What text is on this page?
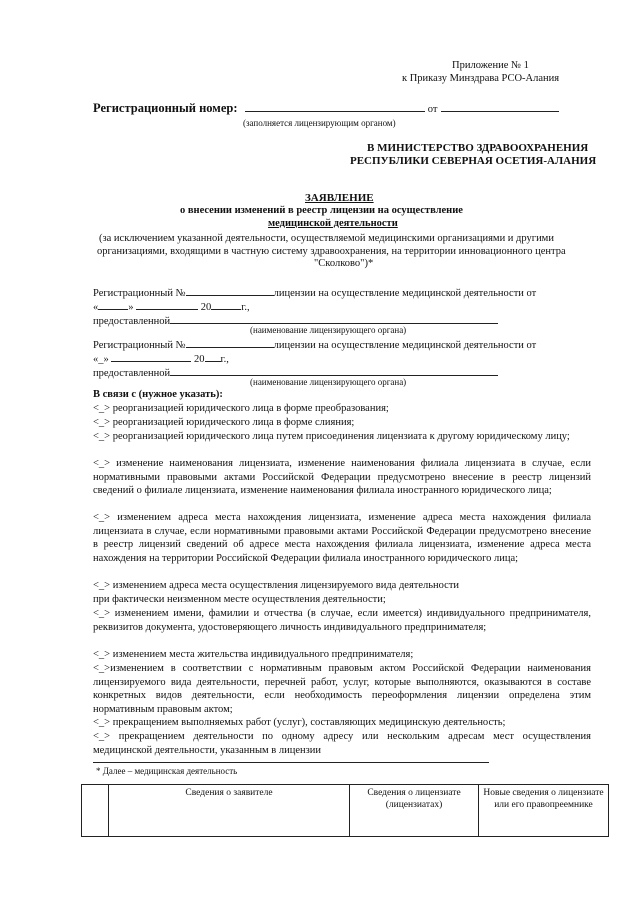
Приложение № 1
к Приказу Минздрава РСО-Алания
Регистрационный номер:	от
(заполняется лицензирующим органом)
В МИНИСТЕРСТВО ЗДРАВООХРАНЕНИЯ
РЕСПУБЛИКИ СЕВЕРНАЯ ОСЕТИЯ-АЛАНИЯ
ЗАЯВЛЕНИЕ
о внесении изменений в реестр лицензии на осуществление
медицинской деятельности
(за исключением указанной деятельности, осуществляемой медицинскими организациями и другими
организациями, входящими в частную систему здравоохранения, на территории инновационного центра
"Сколково")*
Регистрационный №	лицензии на осуществление медицинской деятельности от
«	»	20	г.,
предоставленной
(наименование лицензирующего органа)
Регистрационный №	лицензии на осуществление медицинской деятельности от
«_»	20 г.,
предоставленной
(наименование лицензирующего органа)
В связи с (нужное указать):
<_> реорганизацией юридического лица в форме преобразования;
<_> реорганизацией юридического лица в форме слияния;
<_> реорганизацией юридического лица путем присоединения лицензиата к другому юридическому лицу;
<_> изменение наименования лицензиата, изменение наименования филиала лицензиата в случае, если нормативными правовыми актами Российской Федерации предусмотрено внесение в реестр лицензий сведений о филиале лицензиата, изменение наименования филиала иностранного юридического лица;
<_> изменением адреса места нахождения лицензиата, изменение адреса места нахождения филиала лицензиата в случае, если нормативными правовыми актами Российской Федерации предусмотрено внесение в реестр лицензий сведений об адресе места нахождения филиала лицензиата, изменение адреса места нахождения на территории Российской Федерации филиала иностранного юридического лица;
<_> изменением адреса места осуществления лицензируемого вида деятельности
при фактически неизменном месте осуществления деятельности;
<_> изменением имени, фамилии и отчества (в случае, если имеется) индивидуального предпринимателя, реквизитов документа, удостоверяющего личность индивидуального предпринимателя;
<_> изменением места жительства индивидуального предпринимателя;
<_>изменением в соответствии с нормативным правовым актом Российской Федерации наименования лицензируемого вида деятельности, перечней работ, услуг, которые выполняются, оказываются в составе конкретных видов деятельности, если необходимость переоформления лицензии определена этим нормативным правовым актом;
<_> прекращением выполняемых работ (услуг), составляющих медицинскую деятельность;
<_> прекращением деятельности по одному адресу или нескольким адресам мест осуществления медицинской деятельности, указанным в лицензии
* Далее – медицинская деятельность
	Сведения о заявителе	Сведения о лицензиате (лицензиатах)	Новые сведения о лицензиате или его правопреемнике
